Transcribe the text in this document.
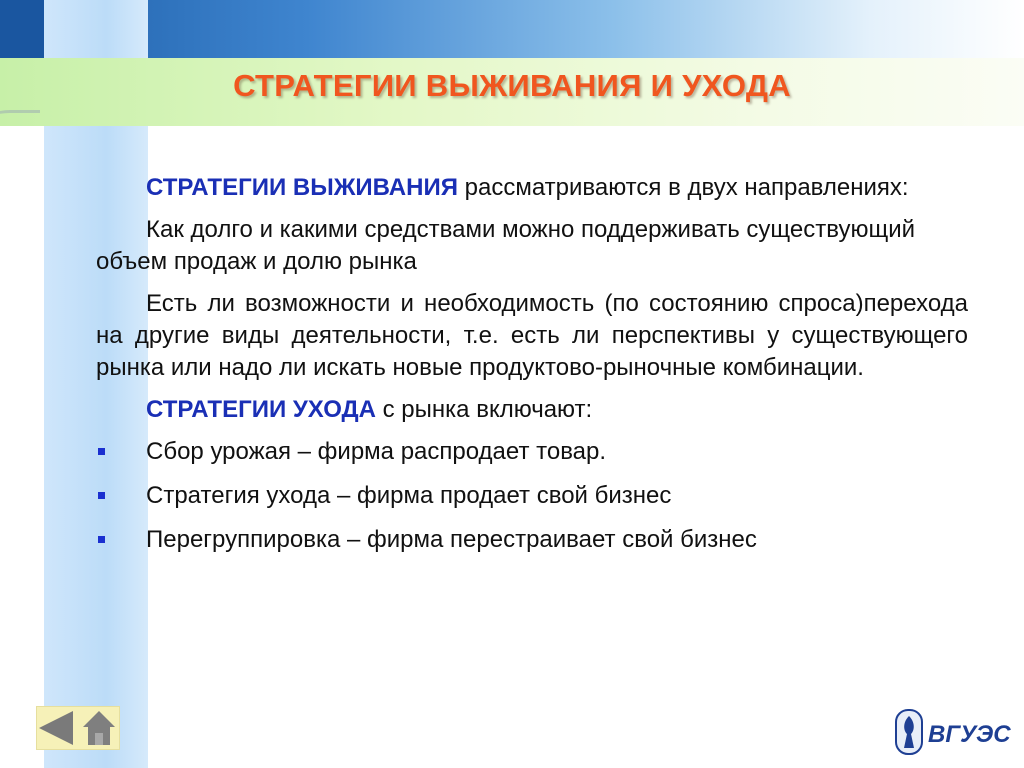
СТРАТЕГИИ ВЫЖИВАНИЯ И УХОДА

СТРАТЕГИИ ВЫЖИВАНИЯ рассматриваются в двух направлениях:

Как долго и какими средствами можно поддерживать существующий объем продаж и долю рынка

Есть ли возможности и необходимость (по состоянию спроса)перехода на другие виды деятельности, т.е. есть ли перспективы у существующего рынка или надо ли искать новые продуктово-рыночные комбинации.

СТРАТЕГИИ УХОДА с рынка включают:

Сбор урожая – фирма распродает товар.
Стратегия ухода – фирма продает свой бизнес
Перегруппировка – фирма перестраивает свой бизнес
ВГУЭС
